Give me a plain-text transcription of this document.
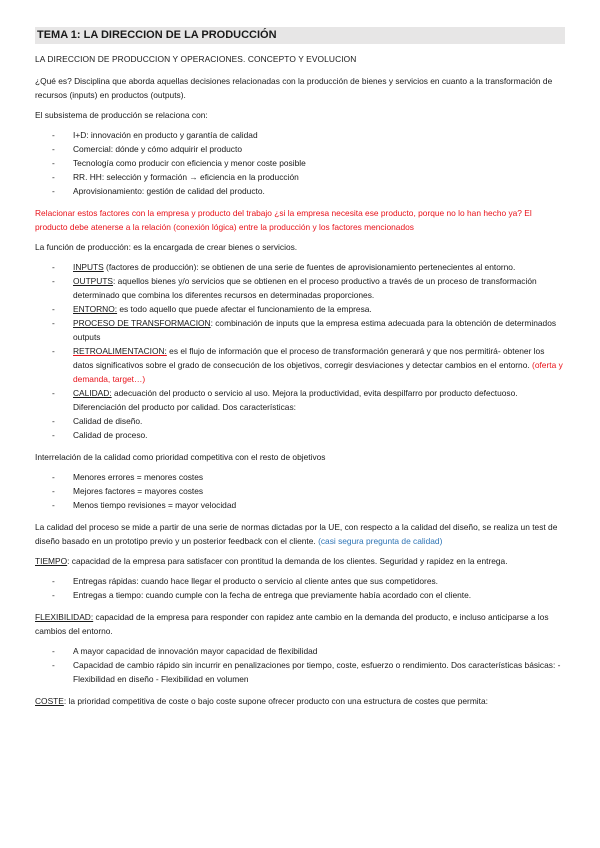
TEMA 1: LA DIRECCION DE LA PRODUCCIÓN

LA DIRECCION DE PRODUCCION Y OPERACIONES. CONCEPTO Y EVOLUCION

¿Qué es? Disciplina que aborda aquellas decisiones relacionadas con la producción de bienes y servicios en cuanto a la transformación de recursos (inputs) en productos (outputs).

El subsistema de producción se relaciona con:

- I+D: innovación en producto y garantía de calidad
- Comercial: dónde y cómo adquirir el producto
- Tecnología como producir con eficiencia y menor coste posible
- RR. HH: selección y formación → eficiencia en la producción
- Aprovisionamiento: gestión de calidad del producto.

Relacionar estos factores con la empresa y producto del trabajo ¿si la empresa necesita ese producto, porque no lo han hecho ya? El producto debe atenerse a la relación (conexión lógica) entre la producción y los factores mencionados

La función de producción: es la encargada de crear bienes o servicios.

- INPUTS (factores de producción): se obtienen de una serie de fuentes de aprovisionamiento pertenecientes al entorno.
- OUTPUTS: aquellos bienes y/o servicios que se obtienen en el proceso productivo a través de un proceso de transformación determinado que combina los diferentes recursos en determinadas proporciones.
- ENTORNO: es todo aquello que puede afectar el funcionamiento de la empresa.
- PROCESO DE TRANSFORMACION: combinación de inputs que la empresa estima adecuada para la obtención de determinados outputs
- RETROALIMENTACION: es el flujo de información que el proceso de transformación generará y que nos permitirá- obtener los datos significativos sobre el grado de consecución de los objetivos, corregir desviaciones y detectar cambios en el entorno. (oferta y demanda, target…)
- CALIDAD: adecuación del producto o servicio al uso. Mejora la productividad, evita despilfarro por producto defectuoso. Diferenciación del producto por calidad. Dos características:
- Calidad de diseño.
- Calidad de proceso.

Interrelación de la calidad como prioridad competitiva con el resto de objetivos

- Menores errores = menores costes
- Mejores factores = mayores costes
- Menos tiempo revisiones = mayor velocidad

La calidad del proceso se mide a partir de una serie de normas dictadas por la UE, con respecto a la calidad del diseño, se realiza un test de diseño basado en un prototipo previo y un posterior feedback con el cliente. (casi segura pregunta de calidad)

TIEMPO: capacidad de la empresa para satisfacer con prontitud la demanda de los clientes. Seguridad y rapidez en la entrega.

- Entregas rápidas: cuando hace llegar el producto o servicio al cliente antes que sus competidores.
- Entregas a tiempo: cuando cumple con la fecha de entrega que previamente había acordado con el cliente.

FLEXIBILIDAD: capacidad de la empresa para responder con rapidez ante cambio en la demanda del producto, e incluso anticiparse a los cambios del entorno.

- A mayor capacidad de innovación mayor capacidad de flexibilidad
- Capacidad de cambio rápido sin incurrir en penalizaciones por tiempo, coste, esfuerzo o rendimiento. Dos características básicas: - Flexibilidad en diseño - Flexibilidad en volumen

COSTE: la prioridad competitiva de coste o bajo coste supone ofrecer producto con una estructura de costes que permita:
